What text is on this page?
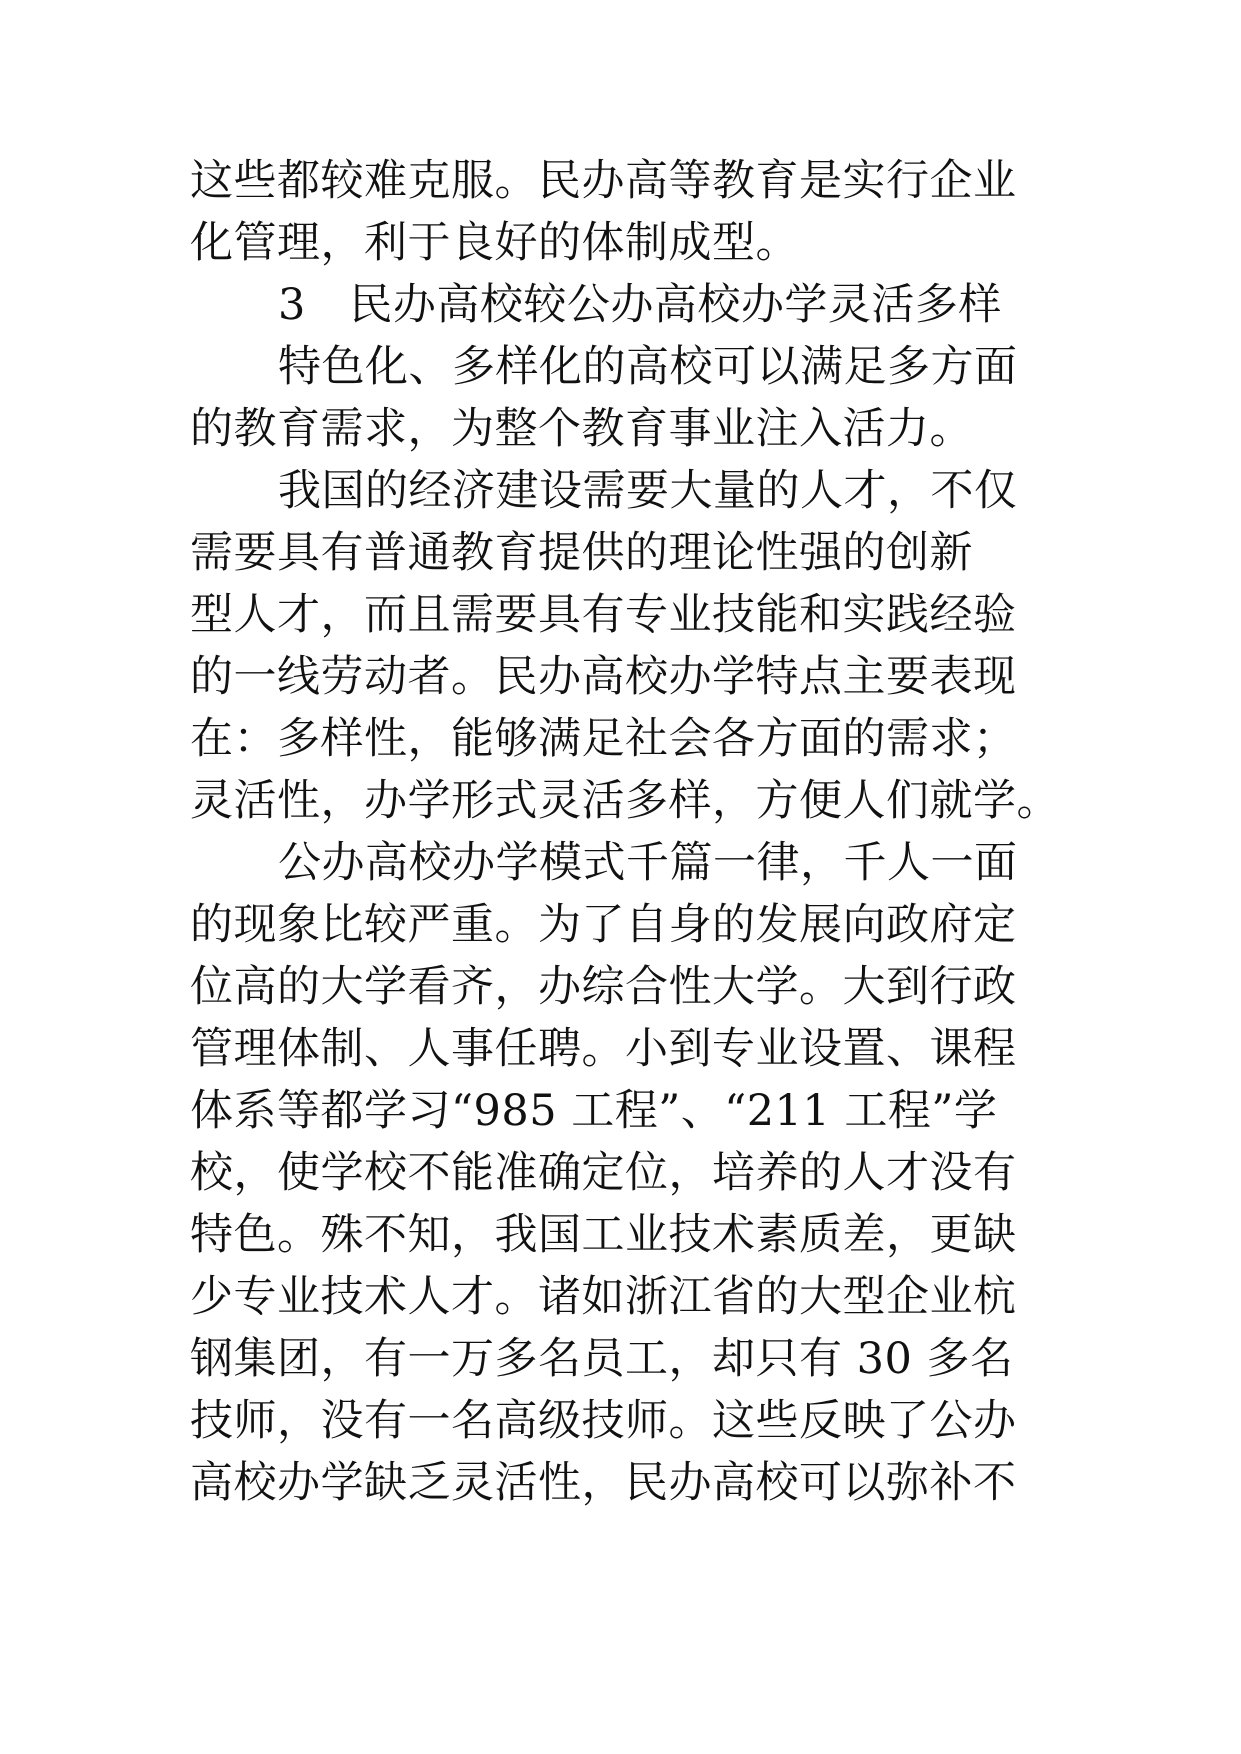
这些都较难克服。民办高等教育是实行企业
化管理，利于良好的体制成型。
3　民办高校较公办高校办学灵活多样
特色化、多样化的高校可以满足多方面
的教育需求，为整个教育事业注入活力。
我国的经济建设需要大量的人才，不仅
需要具有普通教育提供的理论性强的创新
型人才，而且需要具有专业技能和实践经验
的一线劳动者。民办高校办学特点主要表现
在：多样性，能够满足社会各方面的需求；
灵活性，办学形式灵活多样，方便人们就学。
公办高校办学模式千篇一律，千人一面
的现象比较严重。为了自身的发展向政府定
位高的大学看齐，办综合性大学。大到行政
管理体制、人事任聘。小到专业设置、课程
体系等都学习“985 工程”、“211 工程”学
校，使学校不能准确定位，培养的人才没有
特色。殊不知，我国工业技术素质差，更缺
少专业技术人才。诸如浙江省的大型企业杭
钢集团，有一万多名员工，却只有 30 多名
技师，没有一名高级技师。这些反映了公办
高校办学缺乏灵活性，民办高校可以弥补不
